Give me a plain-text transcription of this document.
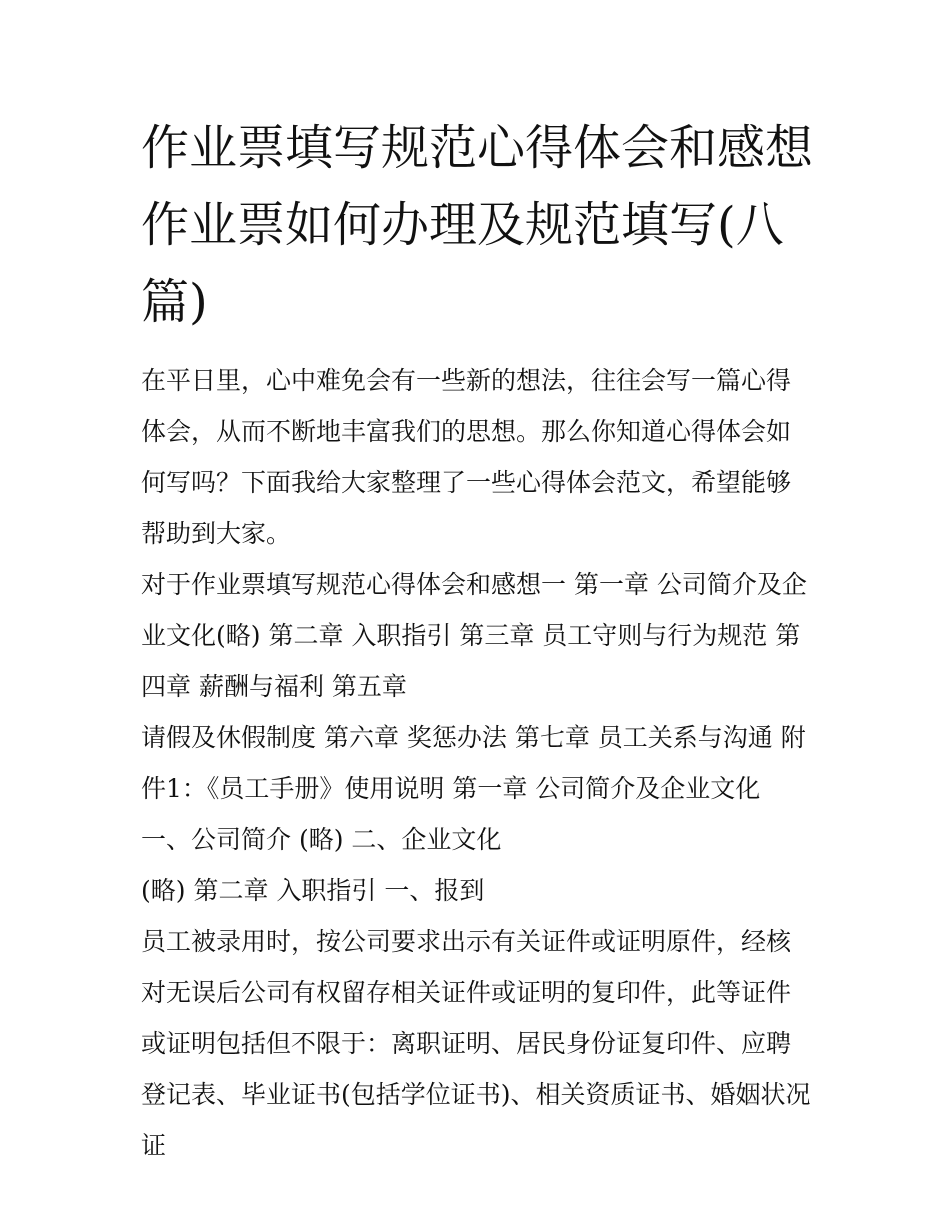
作业票填写规范心得体会和感想 作业票如何办理及规范填写(八篇)

在平日里，心中难免会有一些新的想法，往往会写一篇心得体会，从而不断地丰富我们的思想。那么你知道心得体会如何写吗？下面我给大家整理了一些心得体会范文，希望能够帮助到大家。

对于作业票填写规范心得体会和感想一 第一章 公司简介及企业文化(略) 第二章 入职指引 第三章 员工守则与行为规范 第四章 薪酬与福利 第五章

请假及休假制度 第六章 奖惩办法 第七章 员工关系与沟通 附件1：《员工手册》使用说明 第一章 公司简介及企业文化

一、公司简介 (略) 二、企业文化

(略) 第二章 入职指引 一、报到

员工被录用时，按公司要求出示有关证件或证明原件，经核对无误后公司有权留存相关证件或证明的复印件，此等证件或证明包括但不限于：离职证明、居民身份证复印件、应聘登记表、毕业证书(包括学位证书)、相关资质证书、婚姻状况证
